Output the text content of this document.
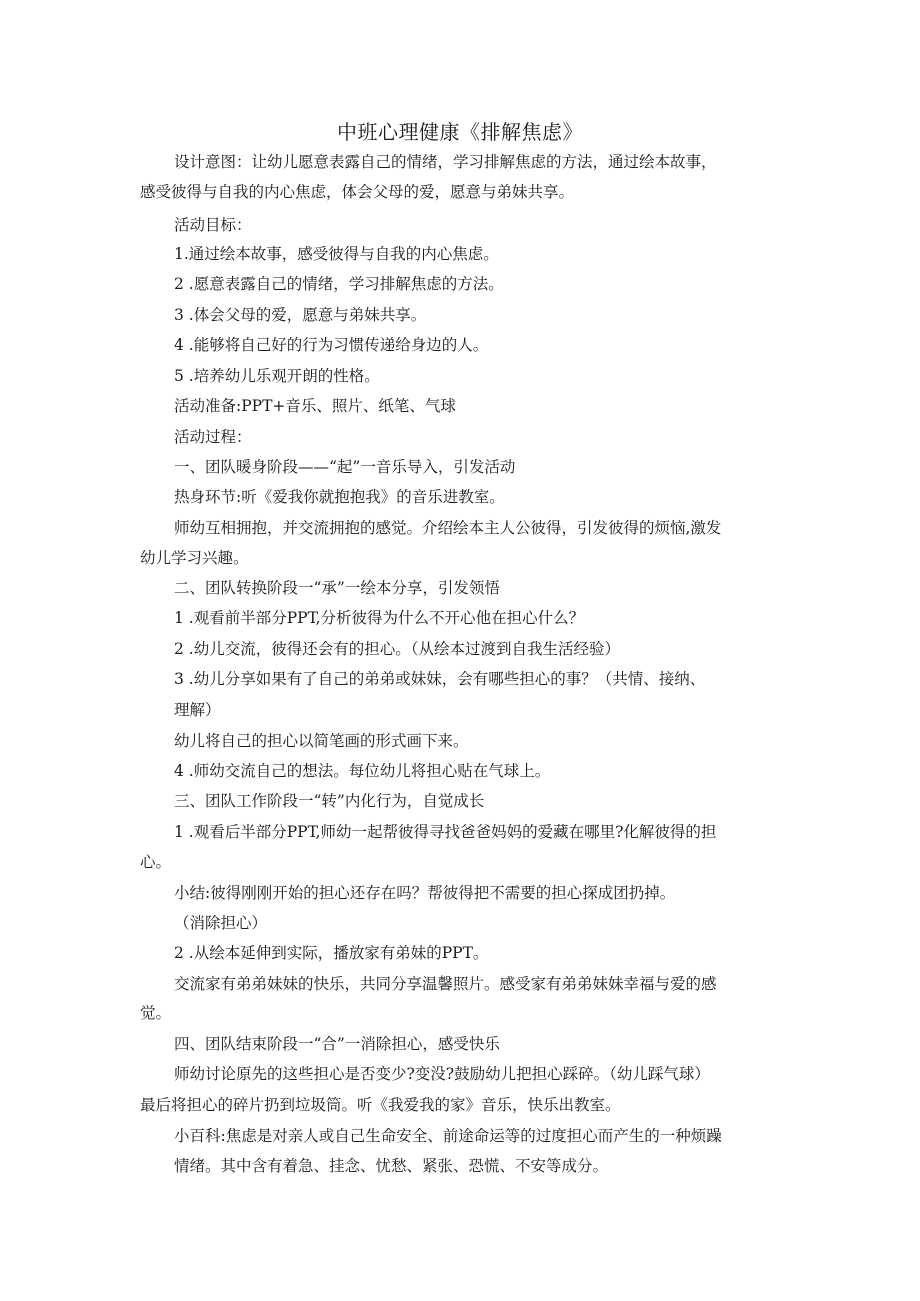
中班心理健康《排解焦虑》
设计意图：让幼儿愿意表露自己的情绪，学习排解焦虑的方法，通过绘本故事，
感受彼得与自我的内心焦虑，体会父母的爱，愿意与弟妹共享。
活动目标：
1.通过绘本故事，感受彼得与自我的内心焦虑。
2 .愿意表露自己的情绪，学习排解焦虑的方法。
3 .体会父母的爱，愿意与弟妹共享。
4 .能够将自己好的行为习惯传递给身边的人。
5 .培养幼儿乐观开朗的性格。
活动准备:PPT+音乐、照片、纸笔、气球
活动过程：
一、团队暖身阶段——“起”一音乐导入，引发活动
热身环节:听《爱我你就抱抱我》的音乐进教室。
师幼互相拥抱，并交流拥抱的感觉。介绍绘本主人公彼得，引发彼得的烦恼,激发
幼儿学习兴趣。
二、团队转换阶段一“承”一绘本分享，引发领悟
1 .观看前半部分PPT,分析彼得为什么不开心他在担心什么？
2 .幼儿交流，彼得还会有的担心。（从绘本过渡到自我生活经验）
3 .幼儿分享如果有了自己的弟弟或妹妹，会有哪些担心的事？（共情、接纳、
理解）
幼儿将自己的担心以简笔画的形式画下来。
4 .师幼交流自己的想法。每位幼儿将担心贴在气球上。
三、团队工作阶段一“转”内化行为，自觉成长
1 .观看后半部分PPT,师幼一起帮彼得寻找爸爸妈妈的爱藏在哪里?化解彼得的担
心。
小结:彼得刚刚开始的担心还存在吗？帮彼得把不需要的担心探成团扔掉。
（消除担心）
2 .从绘本延伸到实际，播放家有弟妹的PPT。
交流家有弟弟妹妹的快乐，共同分享温馨照片。感受家有弟弟妹妹幸福与爱的感
觉。
四、团队结束阶段一“合”一消除担心，感受快乐
师幼讨论原先的这些担心是否变少?变没?鼓励幼儿把担心踩碎。（幼儿踩气球）
最后将担心的碎片扔到垃圾筒。听《我爱我的家》音乐，快乐出教室。
小百科:焦虑是对亲人或自己生命安全、前途命运等的过度担心而产生的一种烦躁
情绪。其中含有着急、挂念、忧愁、紧张、恐慌、不安等成分。
